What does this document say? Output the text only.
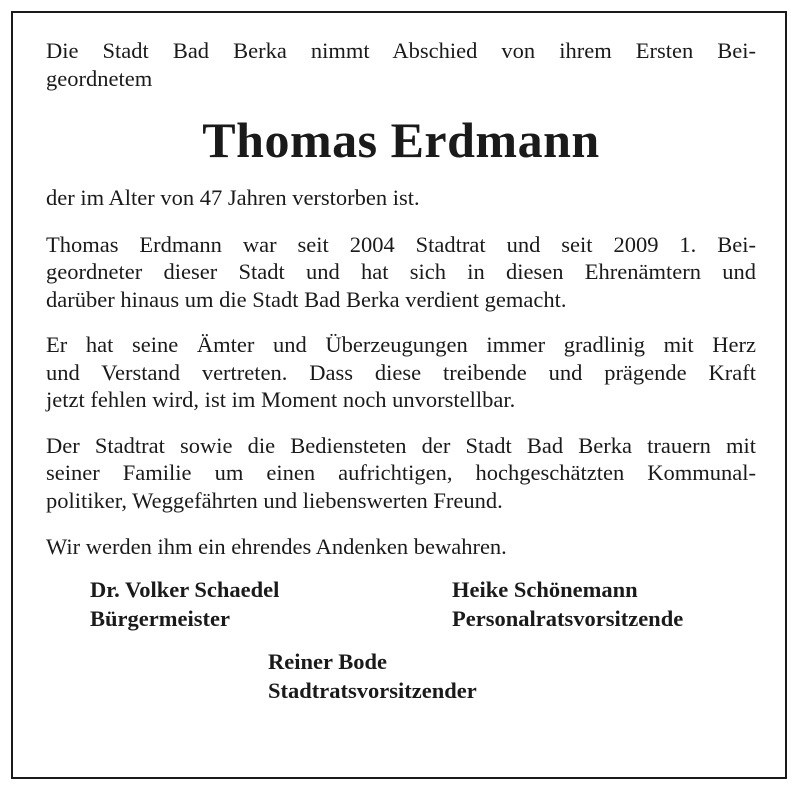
Die Stadt Bad Berka nimmt Abschied von ihrem Ersten Bei-
geordnetem
Thomas Erdmann
der im Alter von 47 Jahren verstorben ist.
Thomas Erdmann war seit 2004 Stadtrat und seit 2009 1. Bei-
geordneter dieser Stadt und hat sich in diesen Ehrenämtern und
darüber hinaus um die Stadt Bad Berka verdient gemacht.
Er hat seine Ämter und Überzeugungen immer gradlinig mit Herz
und Verstand vertreten. Dass diese treibende und prägende Kraft
jetzt fehlen wird, ist im Moment noch unvorstellbar.
Der Stadtrat sowie die Bediensteten der Stadt Bad Berka trauern mit
seiner Familie um einen aufrichtigen, hochgeschätzten Kommunal-
politiker, Weggefährten und liebenswerten Freund.
Wir werden ihm ein ehrendes Andenken bewahren.
Dr. Volker Schaedel
Bürgermeister
Heike Schönemann
Personalratsvorsitzende
Reiner Bode
Stadtratsvorsitzender
